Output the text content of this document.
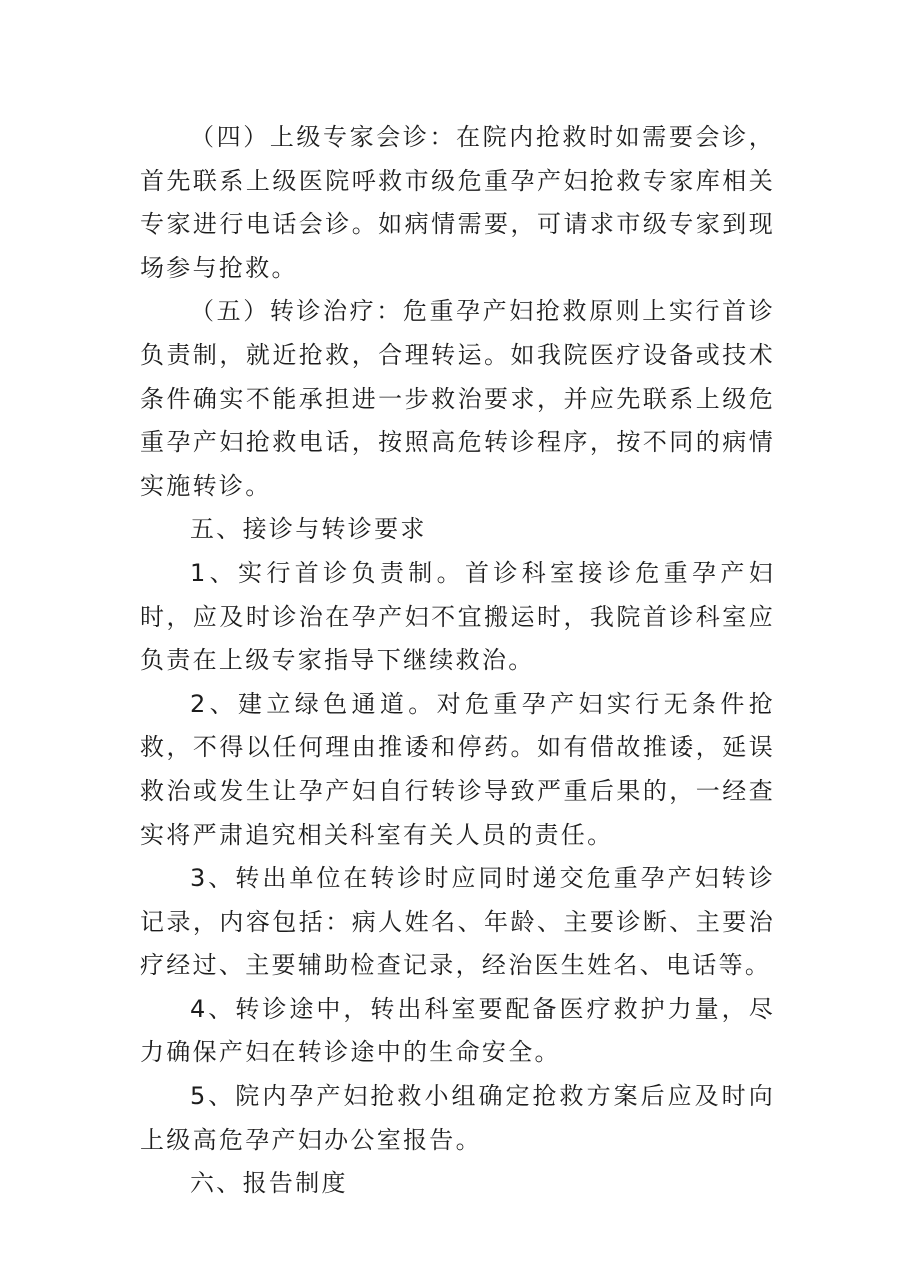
（四）上级专家会诊：在院内抢救时如需要会诊，首先联系上级医院呼救市级危重孕产妇抢救专家库相关专家进行电话会诊。如病情需要，可请求市级专家到现场参与抢救。

（五）转诊治疗：危重孕产妇抢救原则上实行首诊负责制，就近抢救，合理转运。如我院医疗设备或技术条件确实不能承担进一步救治要求，并应先联系上级危重孕产妇抢救电话，按照高危转诊程序，按不同的病情实施转诊。

五、接诊与转诊要求

1、实行首诊负责制。首诊科室接诊危重孕产妇时，应及时诊治在孕产妇不宜搬运时，我院首诊科室应负责在上级专家指导下继续救治。

2、建立绿色通道。对危重孕产妇实行无条件抢救，不得以任何理由推诿和停药。如有借故推诿，延误救治或发生让孕产妇自行转诊导致严重后果的，一经查实将严肃追究相关科室有关人员的责任。

3、转出单位在转诊时应同时递交危重孕产妇转诊记录，内容包括：病人姓名、年龄、主要诊断、主要治疗经过、主要辅助检查记录，经治医生姓名、电话等。

4、转诊途中，转出科室要配备医疗救护力量，尽力确保产妇在转诊途中的生命安全。

5、院内孕产妇抢救小组确定抢救方案后应及时向上级高危孕产妇办公室报告。

六、报告制度
